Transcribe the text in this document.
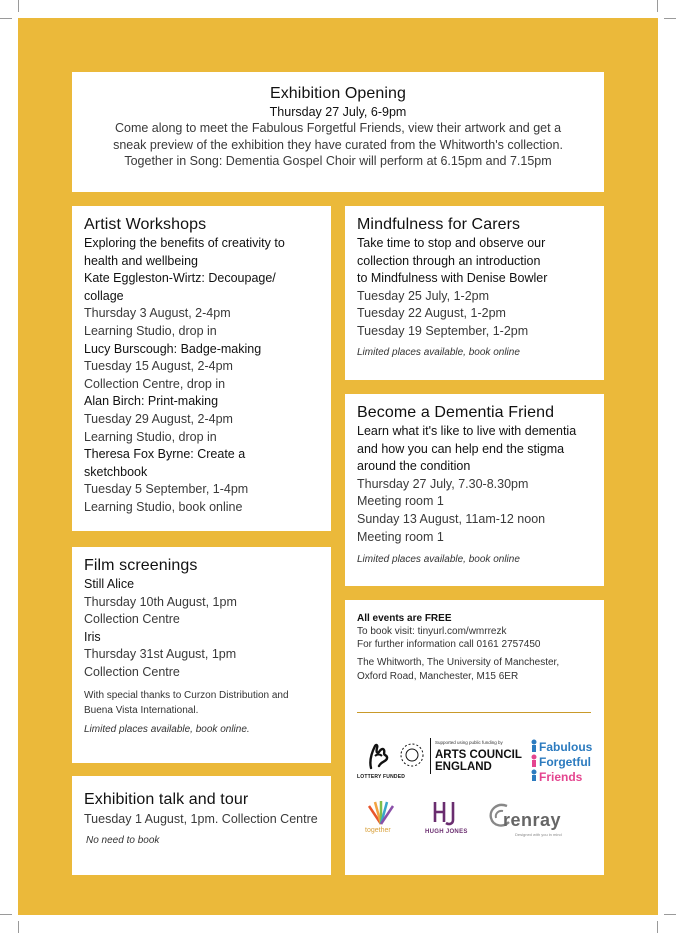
Exhibition Opening
Thursday 27 July, 6-9pm
Come along to meet the Fabulous Forgetful Friends, view their artwork and get a
sneak preview of the exhibition they have curated from the Whitworth's collection.
Together in Song: Dementia Gospel Choir will perform at 6.15pm and 7.15pm
Artist Workshops
Exploring the benefits of creativity to
health and wellbeing
Kate Eggleston-Wirtz: Decoupage/
collage
Thursday 3 August, 2-4pm
Learning Studio, drop in
Lucy Burscough: Badge-making
Tuesday 15 August, 2-4pm
Collection Centre, drop in
Alan Birch: Print-making
Tuesday 29 August, 2-4pm
Learning Studio, drop in
Theresa Fox Byrne: Create a
sketchbook
Tuesday 5 September, 1-4pm
Learning Studio, book online
Mindfulness for Carers
Take time to stop and observe our
collection through an introduction
to Mindfulness with Denise Bowler
Tuesday 25 July, 1-2pm
Tuesday 22 August, 1-2pm
Tuesday 19 September, 1-2pm
Limited places available, book online
Become a Dementia Friend
Learn what it's like to live with dementia
and how you can help end the stigma
around the condition
Thursday 27 July, 7.30-8.30pm
Meeting room 1
Sunday 13 August, 11am-12 noon
Meeting room 1
Limited places available, book online
Film screenings
Still Alice
Thursday 10th August, 1pm
Collection Centre
Iris
Thursday 31st August, 1pm
Collection Centre
With special thanks to Curzon Distribution and
Buena Vista International.
Limited places available, book online.
Exhibition talk and tour
Tuesday 1 August, 1pm. Collection Centre
No need to book
All events are FREE
To book visit: tinyurl.com/wmrrezk
For further information call 0161 2757450
The Whitworth, The University of Manchester,
Oxford Road, Manchester, M15 6ER
LOTTERY FUNDED
Supported using public funding by
ARTS COUNCIL
ENGLAND
Fabulous
Forgetful
Friends
together	HUGH JONES
renray
Designed with you in mind
